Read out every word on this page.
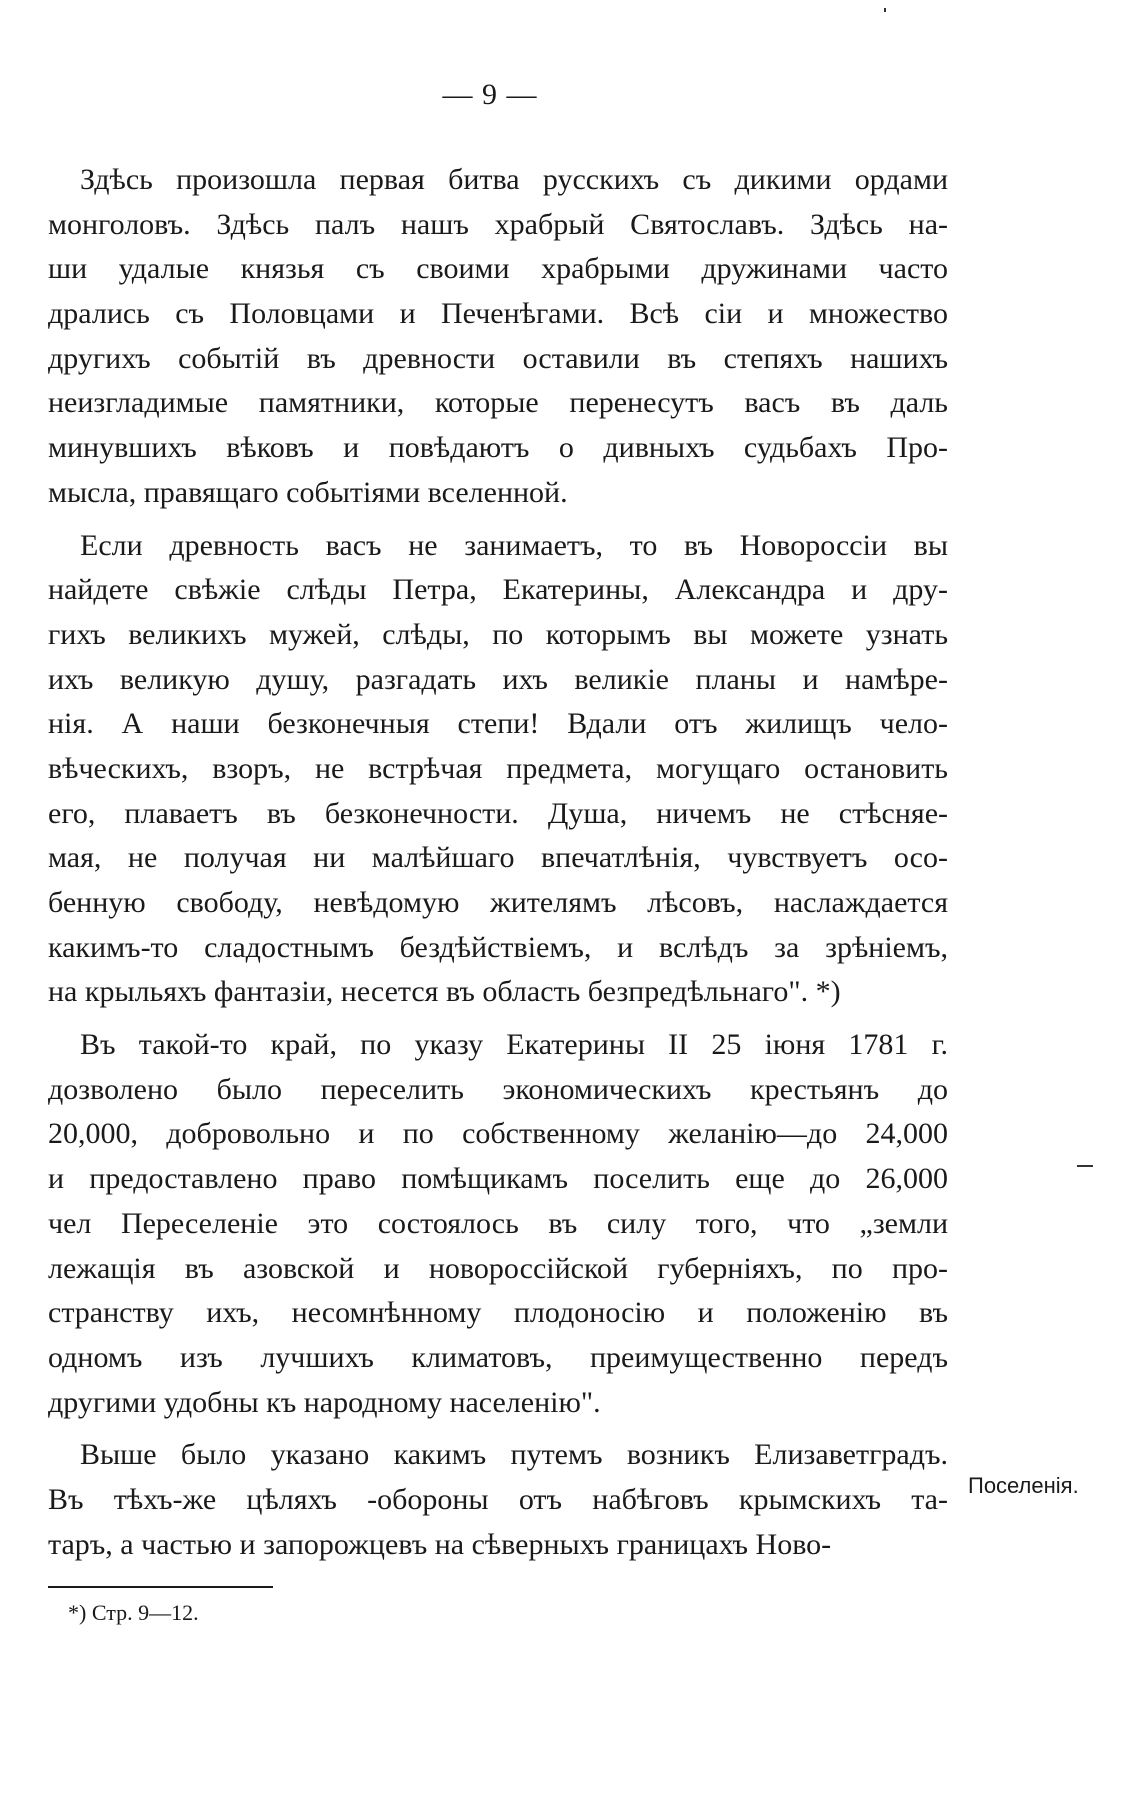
— 9 —
Здѣсь произошла первая битва русскихъ съ дикими ордами
монголовъ. Здѣсь палъ нашъ храбрый Святославъ. Здѣсь на-
ши удалые князья съ своими храбрыми дружинами часто
дрались съ Половцами и Печенѣгами. Всѣ сіи и множество
другихъ событій въ древности оставили въ степяхъ нашихъ
неизгладимые памятники, которые перенесутъ васъ въ даль
минувшихъ вѣковъ и повѣдаютъ о дивныхъ судьбахъ Про-
мысла, правящаго событіями вселенной.
Если древность васъ не занимаетъ, то въ Новороссіи вы
найдете свѣжіе слѣды Петра, Екатерины, Александра и дру-
гихъ великихъ мужей, слѣды, по которымъ вы можете узнать
ихъ великую душу, разгадать ихъ великіе планы и намѣре-
нія. А наши безконечныя степи! Вдали отъ жилищъ чело-
вѣческихъ, взоръ, не встрѣчая предмета, могущаго остановить
его, плаваетъ въ безконечности. Душа, ничемъ не стѣсняе-
мая, не получая ни малѣйшаго впечатлѣнія, чувствуетъ осо-
бенную свободу, невѣдомую жителямъ лѣсовъ, наслаждается
какимъ-то сладостнымъ бездѣйствіемъ, и вслѣдъ за зрѣніемъ,
на крыльяхъ фантазіи, несется въ область безпредѣльнаго". *)
Въ такой-то край, по указу Екатерины II 25 іюня 1781 г.
дозволено было переселить экономическихъ крестьянъ до
20,000, добровольно и по собственному желанію—до 24,000
и предоставлено право помѣщикамъ поселить еще до 26,000
чел Переселеніе это состоялось въ силу того, что „земли
лежащія въ азовской и новороссійской губерніяхъ, по про-
странству ихъ, несомнѣнному плодоносію и положенію въ
одномъ изъ лучшихъ климатовъ, преимущественно передъ
другими удобны къ народному населенію".
Выше было указано какимъ путемъ возникъ Елизаветградъ.
Въ тѣхъ-же цѣляхъ -обороны отъ набѣговъ крымскихъ та-
таръ, а частью и запорожцевъ на сѣверныхъ границахъ Ново-
Поселенія.
*) Стр. 9—12.
